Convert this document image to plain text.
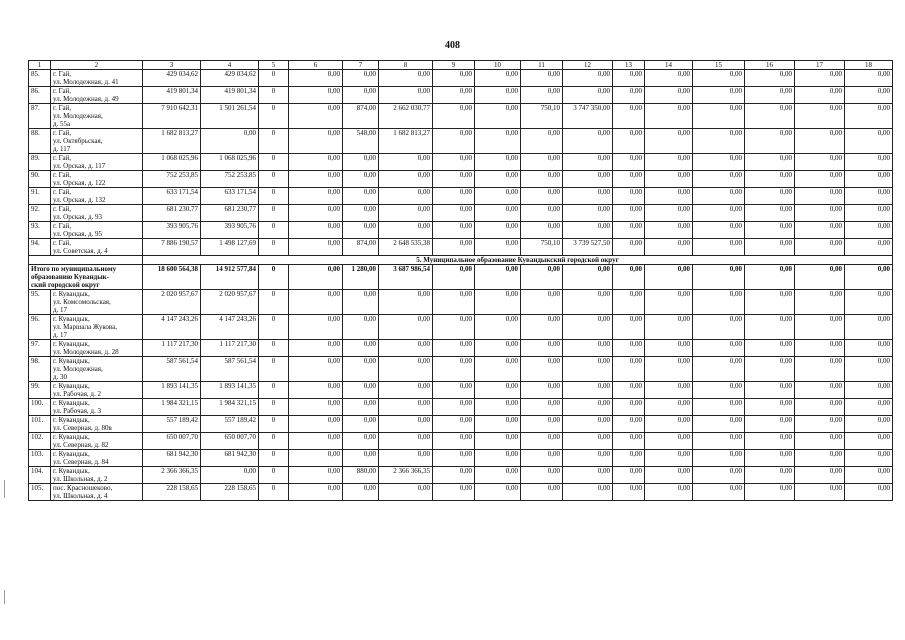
408
1	2	3	4	5	6	7	8	9	10	11	12	13	14	15	16	17	18
85.	г. Гай,
ул. Молодежная, д. 41	429 034,62	429 034,62	0	0,00	0,00	0,00	0,00	0,00	0,00	0,00	0,00	0,00	0,00	0,00	0,00	0,00
86.	г. Гай,
ул. Молодежная, д. 49	419 801,34	419 801,34	0	0,00	0,00	0,00	0,00	0,00	0,00	0,00	0,00	0,00	0,00	0,00	0,00	0,00
87.	г. Гай,
ул. Молодежная,
д. 55а	7 910 642,31	1 501 261,54	0	0,00	874,00	2 662 030,77	0,00	0,00	750,10	3 747 350,00	0,00	0,00	0,00	0,00	0,00	0,00
88.	г. Гай,
ул. Октябрьская,
д. 117	1 682 813,27	0,00	0	0,00	548,00	1 682 813,27	0,00	0,00	0,00	0,00	0,00	0,00	0,00	0,00	0,00	0,00
89.	г. Гай,
ул. Орская, д. 117	1 068 025,96	1 068 025,96	0	0,00	0,00	0,00	0,00	0,00	0,00	0,00	0,00	0,00	0,00	0,00	0,00	0,00
90.	г. Гай,
ул. Орская, д. 122	752 253,85	752 253,85	0	0,00	0,00	0,00	0,00	0,00	0,00	0,00	0,00	0,00	0,00	0,00	0,00	0,00
91.	г. Гай,
ул. Орская, д. 132	633 171,54	633 171,54	0	0,00	0,00	0,00	0,00	0,00	0,00	0,00	0,00	0,00	0,00	0,00	0,00	0,00
92.	г. Гай,
ул. Орская, д. 93	681 230,77	681 230,77	0	0,00	0,00	0,00	0,00	0,00	0,00	0,00	0,00	0,00	0,00	0,00	0,00	0,00
93.	г. Гай,
ул. Орская, д. 95	393 905,76	393 905,76	0	0,00	0,00	0,00	0,00	0,00	0,00	0,00	0,00	0,00	0,00	0,00	0,00	0,00
94.	г. Гай,
ул. Советская, д. 4	7 886 190,57	1 498 127,69	0	0,00	874,00	2 648 535,38	0,00	0,00	750,10	3 739 527,50	0,00	0,00	0,00	0,00	0,00	0,00
		5. Муниципальное образование Кувандыкский городской округ															

Итого по муниципальному
образованию Кувандык-
ский городской округ		18 600 564,38	14 912 577,84	0	0,00	1 280,00	3 687 986,54	0,00	0,00	0,00	0,00	0,00	0,00	0,00	0,00	0,00	0,00
95.	г. Кувандык,
ул. Комсомольская,
д. 17	2 020 957,67	2 020 957,67	0	0,00	0,00	0,00	0,00	0,00	0,00	0,00	0,00	0,00	0,00	0,00	0,00	0,00
96.	г. Кувандык,
ул. Маршала Жукова,
д. 17	4 147 243,26	4 147 243,26	0	0,00	0,00	0,00	0,00	0,00	0,00	0,00	0,00	0,00	0,00	0,00	0,00	0,00
97.	г. Кувандык,
ул. Молодежная, д. 28	1 117 217,30	1 117 217,30	0	0,00	0,00	0,00	0,00	0,00	0,00	0,00	0,00	0,00	0,00	0,00	0,00	0,00
98.	г. Кувандык,
ул. Молодежная,
д. 30	587 561,54	587 561,54	0	0,00	0,00	0,00	0,00	0,00	0,00	0,00	0,00	0,00	0,00	0,00	0,00	0,00
99.	г. Кувандык,
ул. Рабочая, д. 2	1 893 141,35	1 893 141,35	0	0,00	0,00	0,00	0,00	0,00	0,00	0,00	0,00	0,00	0,00	0,00	0,00	0,00
100.	г. Кувандык,
ул. Рабочая, д. 3	1 984 321,15	1 984 321,15	0	0,00	0,00	0,00	0,00	0,00	0,00	0,00	0,00	0,00	0,00	0,00	0,00	0,00
101.	г. Кувандык,
ул. Северная, д. 80в	557 189,42	557 189,42	0	0,00	0,00	0,00	0,00	0,00	0,00	0,00	0,00	0,00	0,00	0,00	0,00	0,00
102.	г. Кувандык,
ул. Северная, д. 82	650 007,70	650 007,70	0	0,00	0,00	0,00	0,00	0,00	0,00	0,00	0,00	0,00	0,00	0,00	0,00	0,00
103.	г. Кувандык,
ул. Северная, д. 84	681 942,30	681 942,30	0	0,00	0,00	0,00	0,00	0,00	0,00	0,00	0,00	0,00	0,00	0,00	0,00	0,00
104.	г. Кувандык,
ул. Школьная, д. 2	2 366 366,35	0,00	0	0,00	880,00	2 366 366,35	0,00	0,00	0,00	0,00	0,00	0,00	0,00	0,00	0,00	0,00
105.	пос. Красношеково,
ул. Школьная, д. 4	228 158,65	228 158,65	0	0,00	0,00	0,00	0,00	0,00	0,00	0,00	0,00	0,00	0,00	0,00	0,00	0,00
